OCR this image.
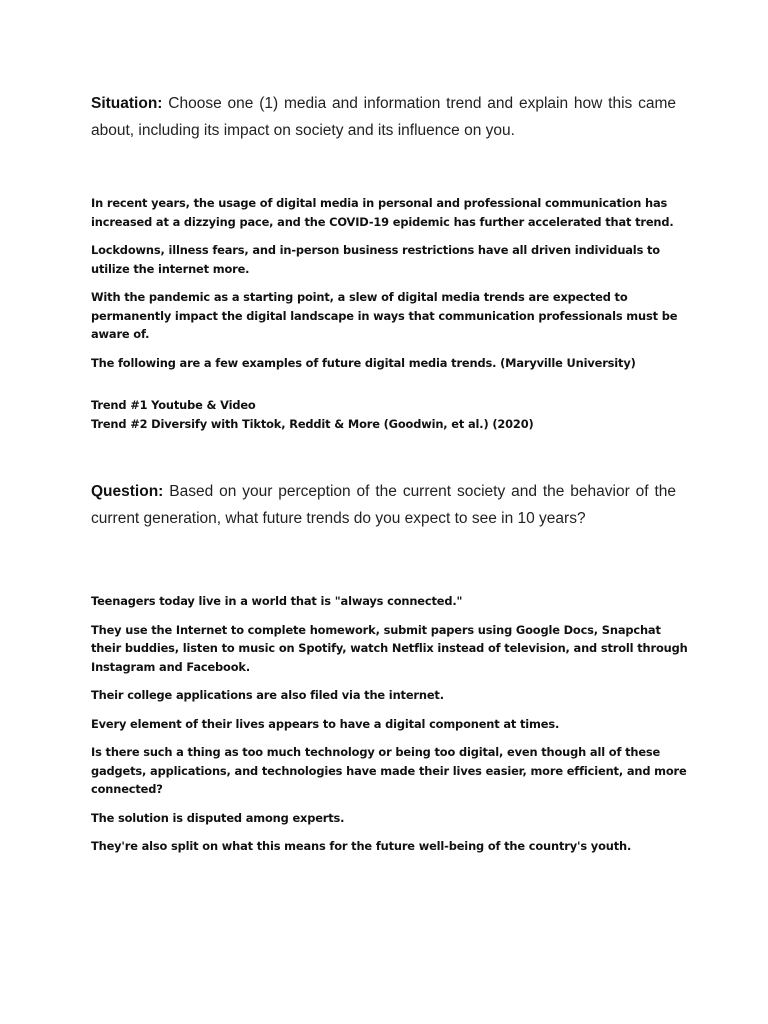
Situation: Choose one (1) media and information trend and explain how this came about, including its impact on society and its influence on you.

In recent years, the usage of digital media in personal and professional communication has increased at a dizzying pace, and the COVID-19 epidemic has further accelerated that trend.

Lockdowns, illness fears, and in-person business restrictions have all driven individuals to utilize the internet more.

With the pandemic as a starting point, a slew of digital media trends are expected to permanently impact the digital landscape in ways that communication professionals must be aware of.

The following are a few examples of future digital media trends. (Maryville University)

Trend #1 Youtube & Video
Trend #2 Diversify with Tiktok, Reddit & More (Goodwin, et al.) (2020)
Question: Based on your perception of the current society and the behavior of the current generation, what future trends do you expect to see in 10 years?

Teenagers today live in a world that is "always connected."

They use the Internet to complete homework, submit papers using Google Docs, Snapchat their buddies, listen to music on Spotify, watch Netflix instead of television, and stroll through Instagram and Facebook.

Their college applications are also filed via the internet.

Every element of their lives appears to have a digital component at times.

Is there such a thing as too much technology or being too digital, even though all of these gadgets, applications, and technologies have made their lives easier, more efficient, and more connected?

The solution is disputed among experts.

They're also split on what this means for the future well-being of the country's youth.
